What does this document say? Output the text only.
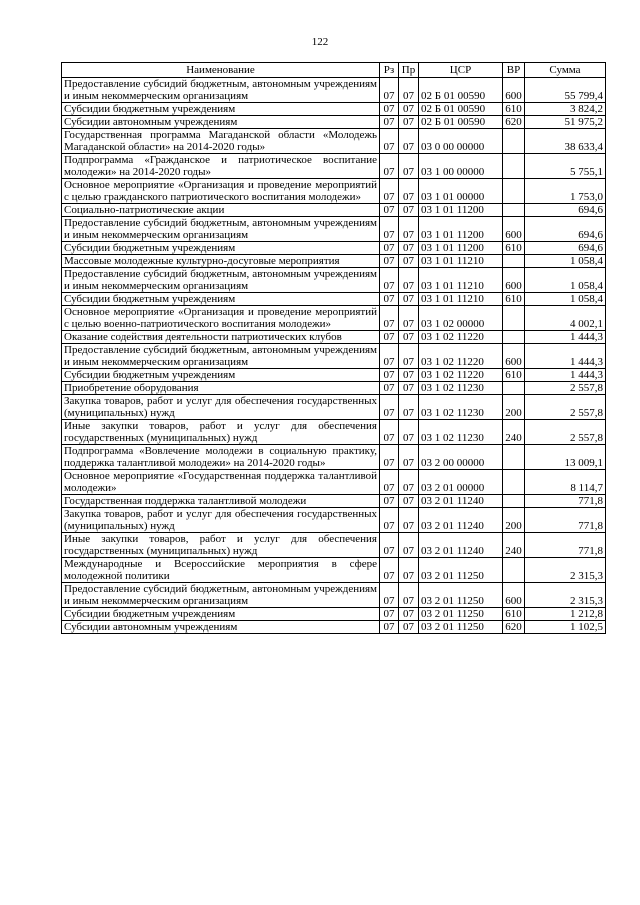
122
Наименование	Рз	Пр	ЦСР	ВР	Сумма
Предоставление субсидий бюджетным, автономным учреждениям и иным некоммерческим организациям	07	07	02 Б 01 00590	600	55 799,4
Субсидии бюджетным учреждениям	07	07	02 Б 01 00590	610	3 824,2
Субсидии автономным учреждениям	07	07	02 Б 01 00590	620	51 975,2
Государственная программа Магаданской области «Молодежь Магаданской области» на 2014-2020 годы»	07	07	03 0 00 00000		38 633,4
Подпрограмма «Гражданское и патриотическое воспитание молодежи» на 2014-2020 годы»	07	07	03 1 00 00000		5 755,1
Основное мероприятие «Организация и проведение мероприятий с целью гражданского патриотического воспитания молодежи»	07	07	03 1 01 00000		1 753,0
Социально-патриотические акции	07	07	03 1 01 11200		694,6
Предоставление субсидий бюджетным, автономным учреждениям и иным некоммерческим организациям	07	07	03 1 01 11200	600	694,6
Субсидии бюджетным учреждениям	07	07	03 1 01 11200	610	694,6
Массовые молодежные культурно-досуговые мероприятия	07	07	03 1 01 11210		1 058,4
Предоставление субсидий бюджетным, автономным учреждениям и иным некоммерческим организациям	07	07	03 1 01 11210	600	1 058,4
Субсидии бюджетным учреждениям	07	07	03 1 01 11210	610	1 058,4
Основное мероприятие «Организация и проведение мероприятий с целью военно-патриотического воспитания молодежи»	07	07	03 1 02 00000		4 002,1
Оказание содействия деятельности патриотических клубов	07	07	03 1 02 11220		1 444,3
Предоставление субсидий бюджетным, автономным учреждениям и иным некоммерческим организациям	07	07	03 1 02 11220	600	1 444,3
Субсидии бюджетным учреждениям	07	07	03 1 02 11220	610	1 444,3
Приобретение оборудования	07	07	03 1 02 11230		2 557,8
Закупка товаров, работ и услуг для обеспечения государственных (муниципальных) нужд	07	07	03 1 02 11230	200	2 557,8
Иные закупки товаров, работ и услуг для обеспечения государственных (муниципальных) нужд	07	07	03 1 02 11230	240	2 557,8
Подпрограмма «Вовлечение молодежи в социальную практику, поддержка талантливой молодежи» на 2014-2020 годы»	07	07	03 2 00 00000		13 009,1
Основное мероприятие «Государственная поддержка талантливой молодежи»	07	07	03 2 01 00000		8 114,7
Государственная поддержка талантливой молодежи	07	07	03 2 01 11240		771,8
Закупка товаров, работ и услуг для обеспечения государственных (муниципальных) нужд	07	07	03 2 01 11240	200	771,8
Иные закупки товаров, работ и услуг для обеспечения государственных (муниципальных) нужд	07	07	03 2 01 11240	240	771,8
Международные и Всероссийские мероприятия в сфере молодежной политики	07	07	03 2 01 11250		2 315,3
Предоставление субсидий бюджетным, автономным учреждениям и иным некоммерческим организациям	07	07	03 2 01 11250	600	2 315,3
Субсидии бюджетным учреждениям	07	07	03 2 01 11250	610	1 212,8
Субсидии автономным учреждениям	07	07	03 2 01 11250	620	1 102,5
